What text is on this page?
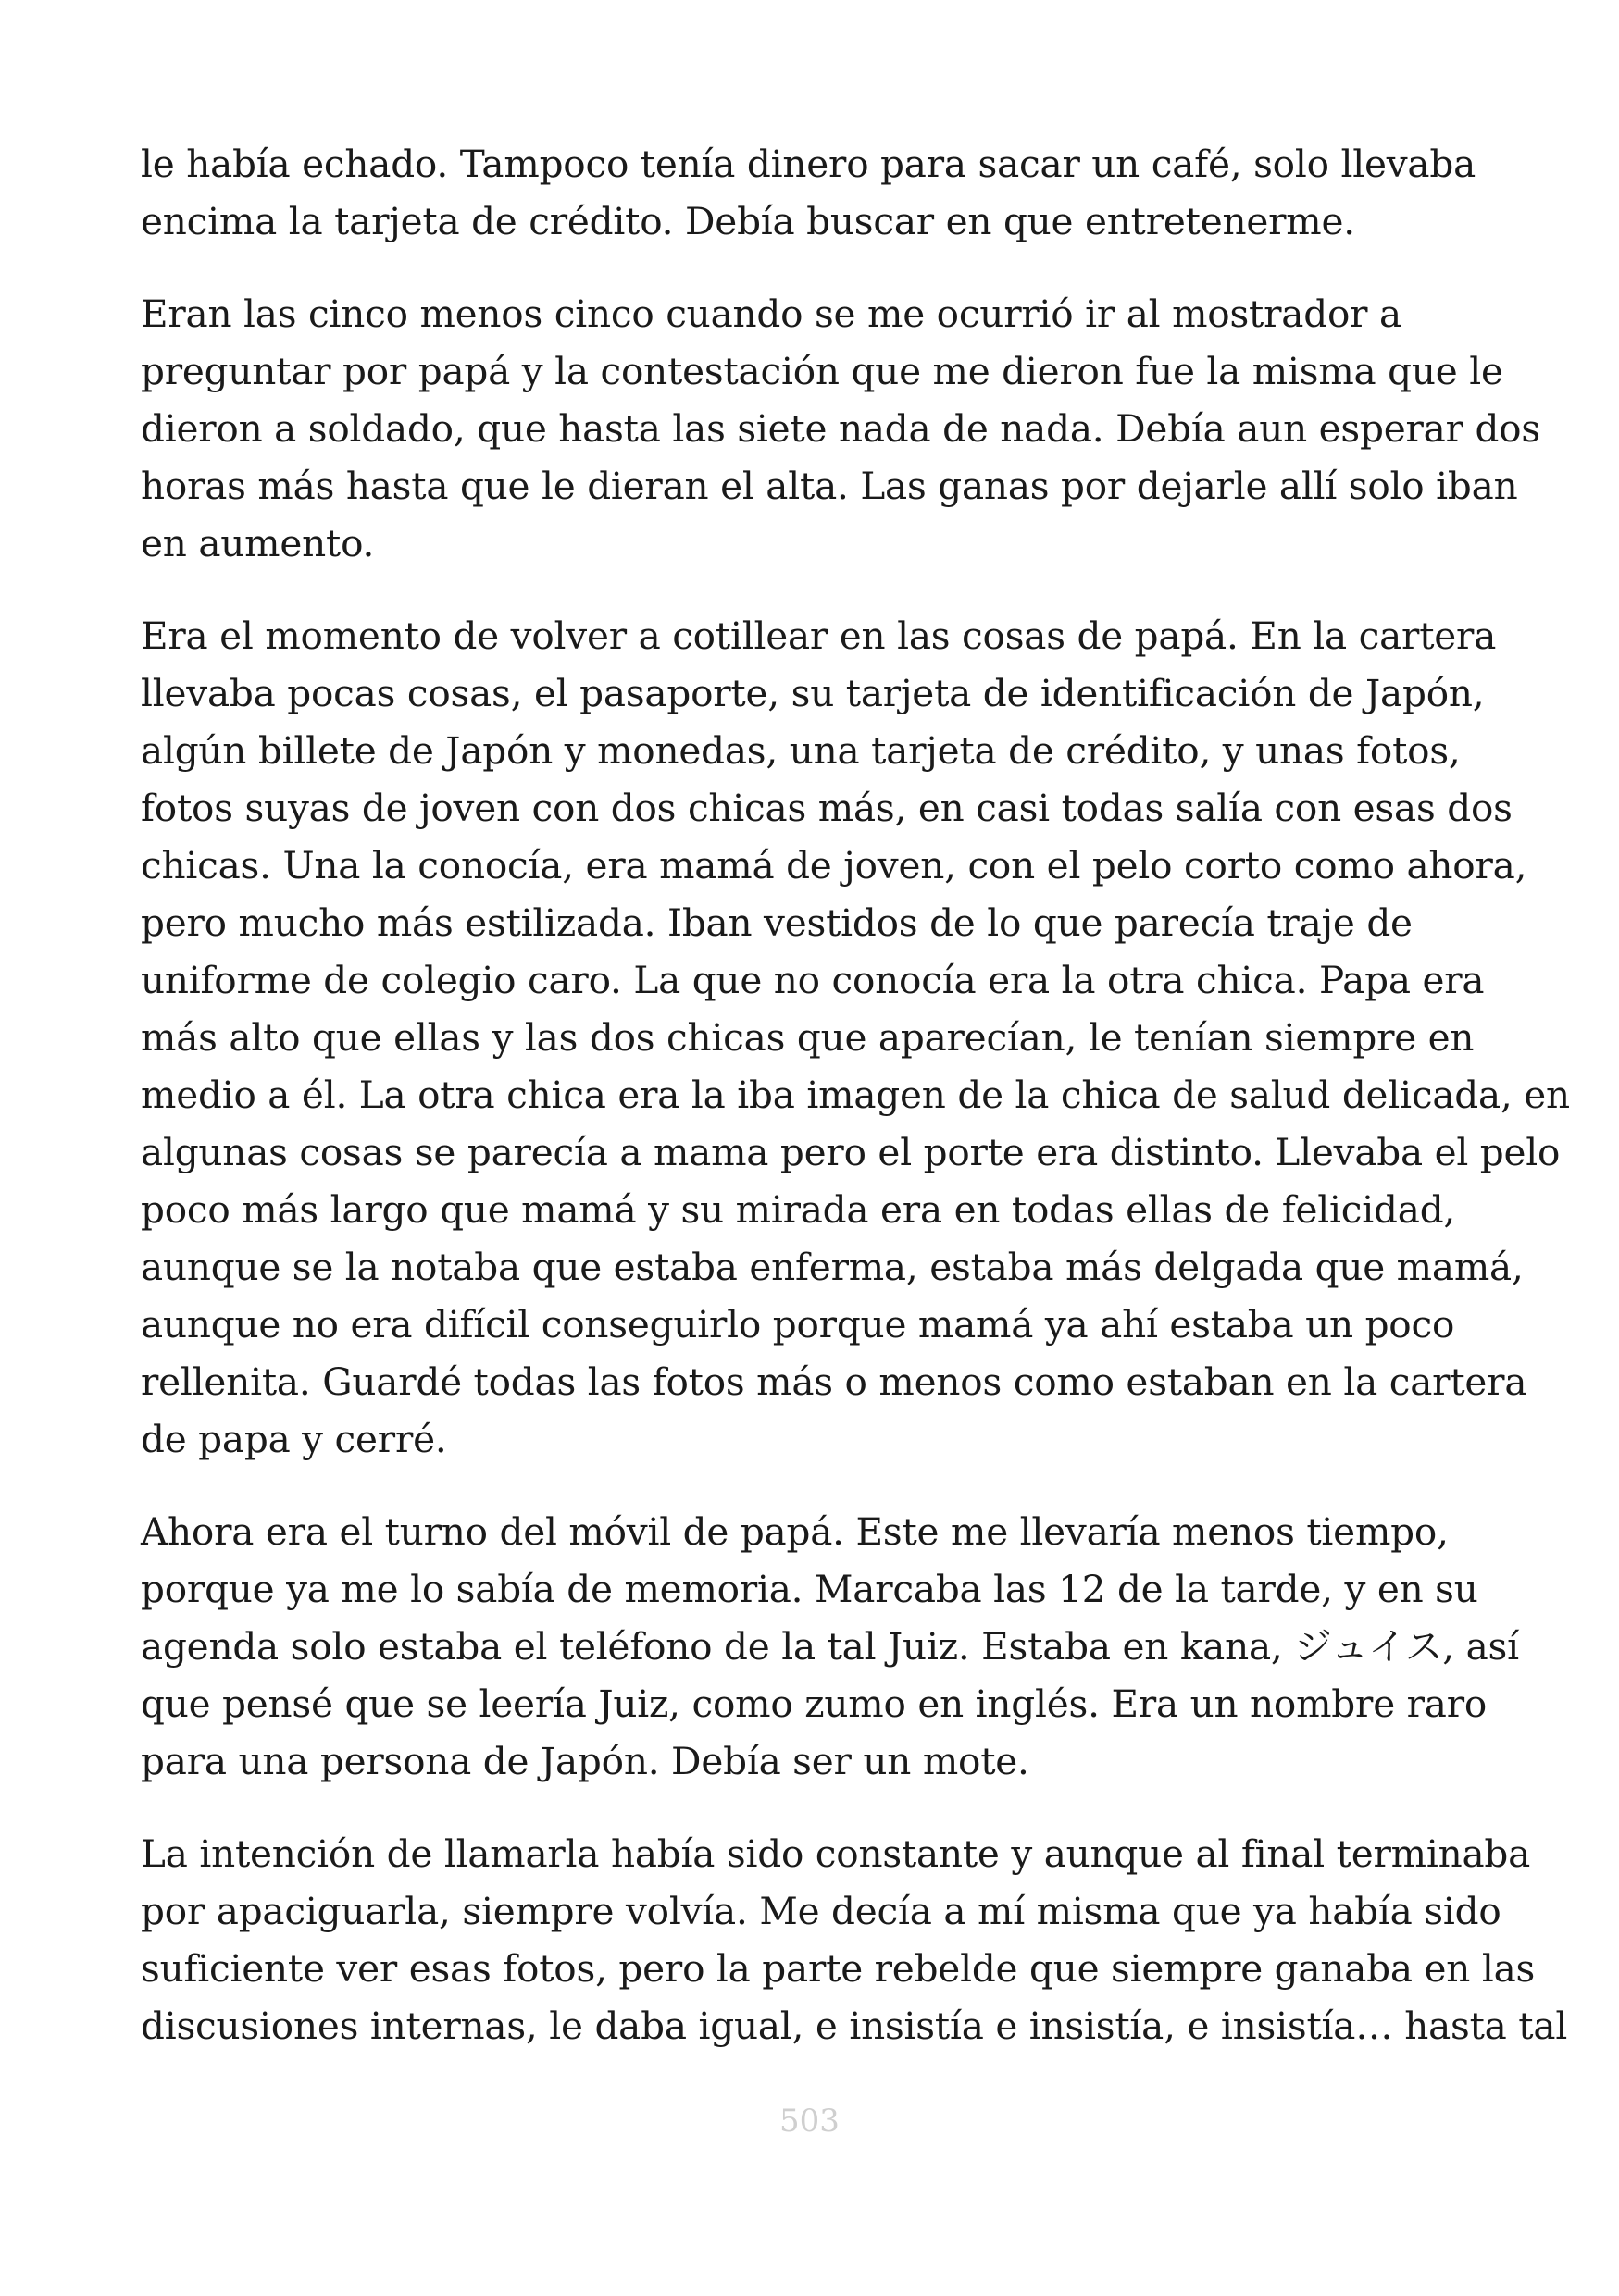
le había echado. Tampoco tenía dinero para sacar un café, solo llevaba
encima la tarjeta de crédito. Debía buscar en que entretenerme.
Eran las cinco menos cinco cuando se me ocurrió ir al mostrador a
preguntar por papá y la contestación que me dieron fue la misma que le
dieron a soldado, que hasta las siete nada de nada. Debía aun esperar dos
horas más hasta que le dieran el alta. Las ganas por dejarle allí solo iban
en aumento.
Era el momento de volver a cotillear en las cosas de papá. En la cartera
llevaba pocas cosas, el pasaporte, su tarjeta de identificación de Japón,
algún billete de Japón y monedas, una tarjeta de crédito, y unas fotos,
fotos suyas de joven con dos chicas más, en casi todas salía con esas dos
chicas. Una la conocía, era mamá de joven, con el pelo corto como ahora,
pero mucho más estilizada. Iban vestidos de lo que parecía traje de
uniforme de colegio caro. La que no conocía era la otra chica. Papa era
más alto que ellas y las dos chicas que aparecían, le tenían siempre en
medio a él. La otra chica era la iba imagen de la chica de salud delicada, en
algunas cosas se parecía a mama pero el porte era distinto. Llevaba el pelo
poco más largo que mamá y su mirada era en todas ellas de felicidad,
aunque se la notaba que estaba enferma, estaba más delgada que mamá,
aunque no era difícil conseguirlo porque mamá ya ahí estaba un poco
rellenita. Guardé todas las fotos más o menos como estaban en la cartera
de papa y cerré.
Ahora era el turno del móvil de papá. Este me llevaría menos tiempo,
porque ya me lo sabía de memoria. Marcaba las 12 de la tarde, y en su
agenda solo estaba el teléfono de la tal Juiz. Estaba en kana, ジュイス, así
que pensé que se leería Juiz, como zumo en inglés. Era un nombre raro
para una persona de Japón. Debía ser un mote.
La intención de llamarla había sido constante y aunque al final terminaba
por apaciguarla, siempre volvía. Me decía a mí misma que ya había sido
suficiente ver esas fotos, pero la parte rebelde que siempre ganaba en las
discusiones internas, le daba igual, e insistía e insistía, e insistía… hasta tal
503
